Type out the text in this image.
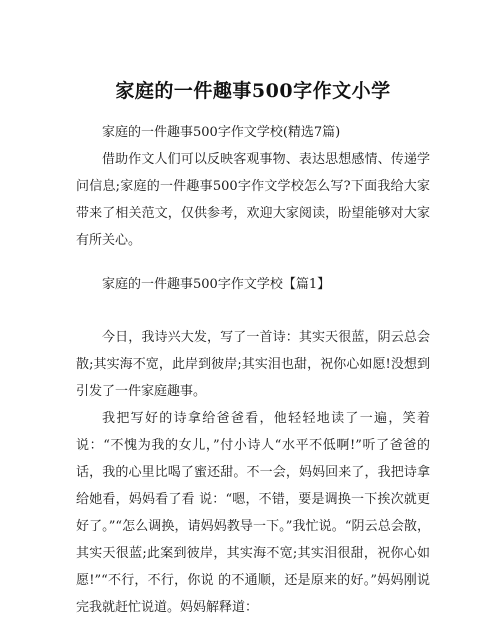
家庭的一件趣事500字作文小学

家庭的一件趣事500字作文学校(精选7篇)

借助作文人们可以反映客观事物、表达思想感情、传递学问信息;家庭的一件趣事500字作文学校怎么写?下面我给大家带来了相关范文，仅供参考，欢迎大家阅读，盼望能够对大家有所关心。

家庭的一件趣事500字作文学校【篇1】

今日，我诗兴大发，写了一首诗：其实天很蓝，阴云总会散;其实海不宽，此岸到彼岸;其实泪也甜，祝你心如愿!没想到引发了一件家庭趣事。

我把写好的诗拿给爸爸看，他轻轻地读了一遍，笑着说：“不愧为我的女儿，”付小诗人“水平不低啊!”听了爸爸的话，我的心里比喝了蜜还甜。不一会，妈妈回来了，我把诗拿给她看，妈妈看了看 说：“嗯，不错，要是调换一下挨次就更好了。”“怎么调换，请妈妈教导一下。”我忙说。“阴云总会散，其实天很蓝;此案到彼岸，其实海不宽;其实泪很甜，祝你心如愿!”“不行，不行，你说 的不通顺，还是原来的好。”妈妈刚说完我就赶忙说道。妈妈解释道：
